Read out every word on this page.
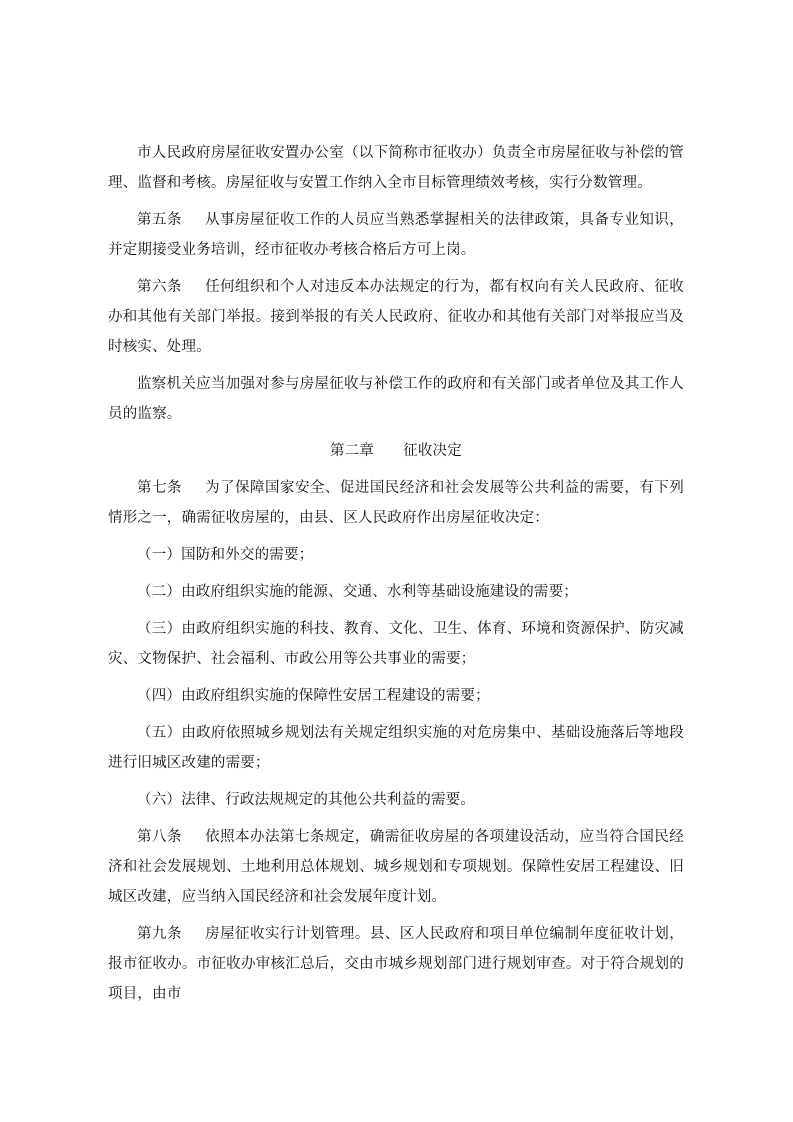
市人民政府房屋征收安置办公室（以下简称市征收办）负责全市房屋征收与补偿的管理、监督和考核。房屋征收与安置工作纳入全市目标管理绩效考核，实行分数管理。

第五条 从事房屋征收工作的人员应当熟悉掌握相关的法律政策，具备专业知识，并定期接受业务培训，经市征收办考核合格后方可上岗。

第六条 任何组织和个人对违反本办法规定的行为，都有权向有关人民政府、征收办和其他有关部门举报。接到举报的有关人民政府、征收办和其他有关部门对举报应当及时核实、处理。

监察机关应当加强对参与房屋征收与补偿工作的政府和有关部门或者单位及其工作人员的监察。

第二章 征收决定

第七条 为了保障国家安全、促进国民经济和社会发展等公共利益的需要，有下列情形之一，确需征收房屋的，由县、区人民政府作出房屋征收决定：

（一）国防和外交的需要；

（二）由政府组织实施的能源、交通、水利等基础设施建设的需要；

（三）由政府组织实施的科技、教育、文化、卫生、体育、环境和资源保护、防灾减灾、文物保护、社会福利、市政公用等公共事业的需要；

（四）由政府组织实施的保障性安居工程建设的需要；

（五）由政府依照城乡规划法有关规定组织实施的对危房集中、基础设施落后等地段进行旧城区改建的需要；

（六）法律、行政法规规定的其他公共利益的需要。

第八条 依照本办法第七条规定，确需征收房屋的各项建设活动，应当符合国民经济和社会发展规划、土地利用总体规划、城乡规划和专项规划。保障性安居工程建设、旧城区改建，应当纳入国民经济和社会发展年度计划。

第九条 房屋征收实行计划管理。县、区人民政府和项目单位编制年度征收计划，报市征收办。市征收办审核汇总后，交由市城乡规划部门进行规划审查。对于符合规划的项目，由市
